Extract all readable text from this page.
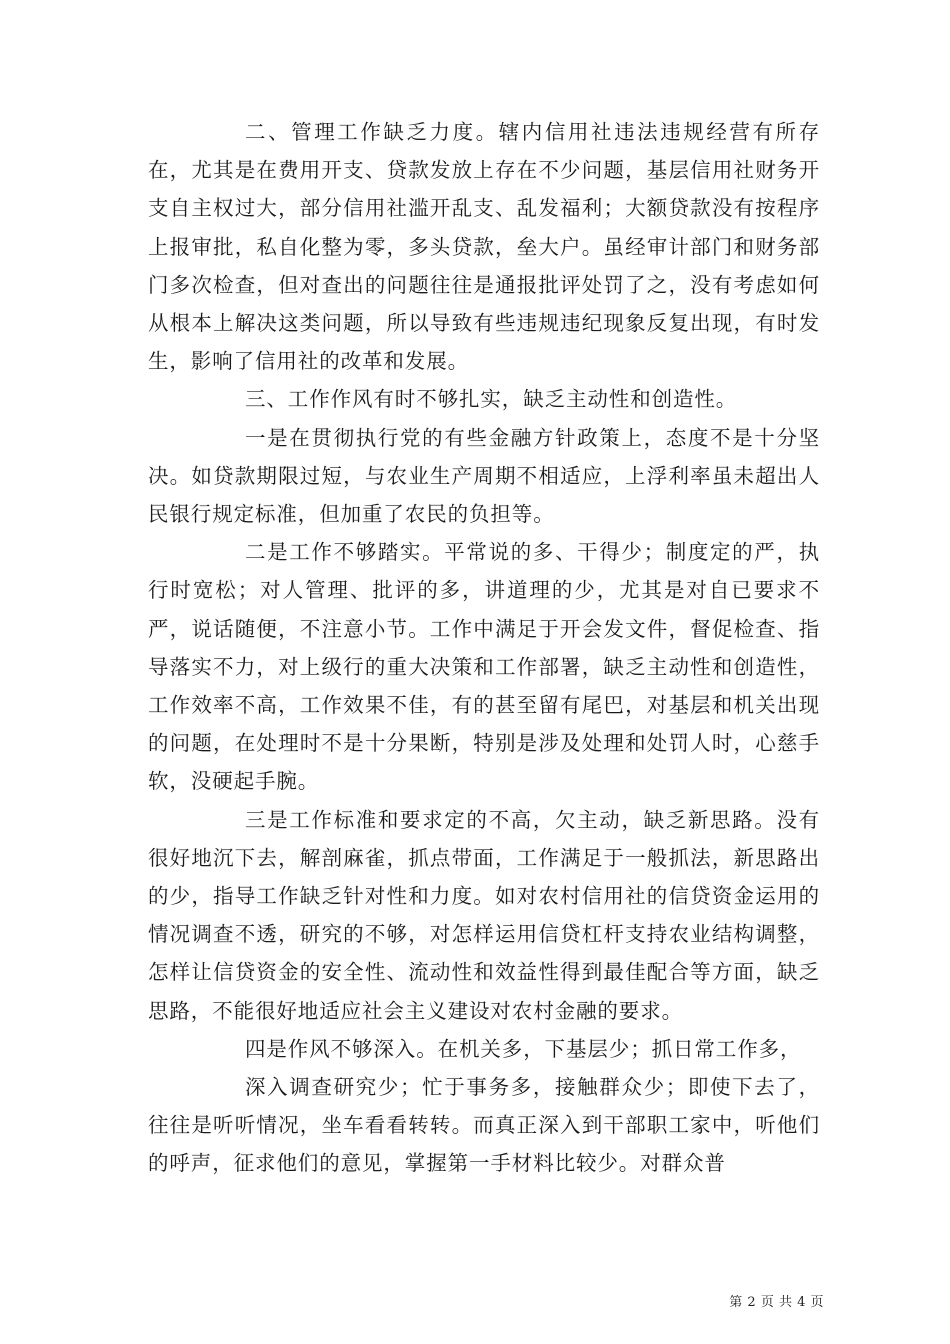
二、管理工作缺乏力度。辖内信用社违法违规经营有所存在，尤其是在费用开支、贷款发放上存在不少问题，基层信用社财务开支自主权过大，部分信用社滥开乱支、乱发福利；大额贷款没有按程序上报审批，私自化整为零，多头贷款，垒大户。虽经审计部门和财务部门多次检查，但对查出的问题往往是通报批评处罚了之，没有考虑如何从根本上解决这类问题，所以导致有些违规违纪现象反复出现，有时发生，影响了信用社的改革和发展。

三、工作作风有时不够扎实，缺乏主动性和创造性。

一是在贯彻执行党的有些金融方针政策上，态度不是十分坚决。如贷款期限过短，与农业生产周期不相适应，上浮利率虽未超出人民银行规定标准，但加重了农民的负担等。

二是工作不够踏实。平常说的多、干得少；制度定的严，执行时宽松；对人管理、批评的多，讲道理的少，尤其是对自已要求不严，说话随便，不注意小节。工作中满足于开会发文件，督促检查、指导落实不力，对上级行的重大决策和工作部署，缺乏主动性和创造性，工作效率不高，工作效果不佳，有的甚至留有尾巴，对基层和机关出现的问题，在处理时不是十分果断，特别是涉及处理和处罚人时，心慈手软，没硬起手腕。

三是工作标准和要求定的不高，欠主动，缺乏新思路。没有很好地沉下去，解剖麻雀，抓点带面，工作满足于一般抓法，新思路出的少，指导工作缺乏针对性和力度。如对农村信用社的信贷资金运用的情况调查不透，研究的不够，对怎样运用信贷杠杆支持农业结构调整，怎样让信贷资金的安全性、流动性和效益性得到最佳配合等方面，缺乏思路，不能很好地适应社会主义建设对农村金融的要求。

四是作风不够深入。在机关多，下基层少；抓日常工作多，

深入调查研究少；忙于事务多，接触群众少；即使下去了，往往是听听情况，坐车看看转转。而真正深入到干部职工家中，听他们的呼声，征求他们的意见，掌握第一手材料比较少。对群众普

第 2 页 共 4 页
